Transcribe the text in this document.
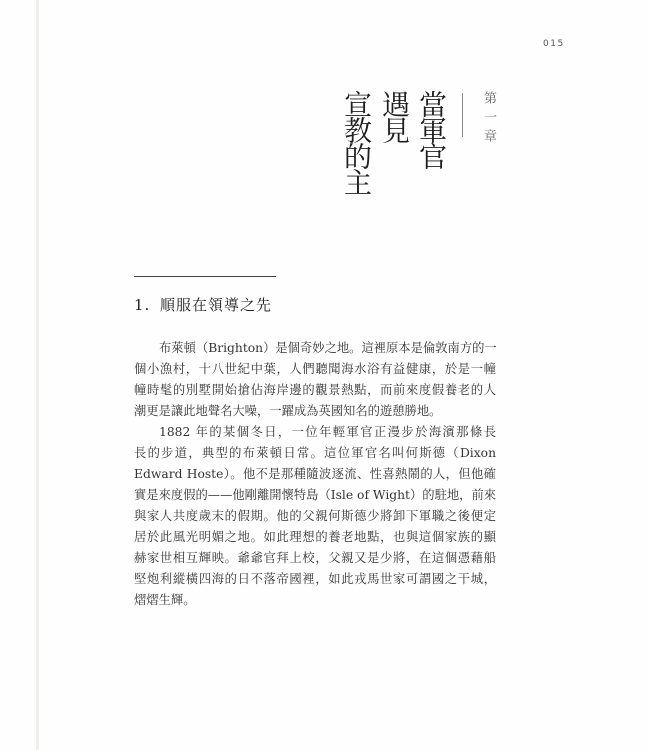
015
第一章
當軍官
遇見
宣教的主
1. 順服在領導之先
布萊頓（Brighton）是個奇妙之地。這裡原本是倫敦南方的一
個小漁村，十八世紀中葉，人們聽聞海水浴有益健康，於是一幢
幢時髦的別墅開始搶佔海岸邊的觀景熱點，而前來度假養老的人
潮更是讓此地聲名大噪，一躍成為英國知名的遊憩勝地。
1882 年的某個冬日，一位年輕軍官正漫步於海濱那條長
長的步道，典型的布萊頓日常。這位軍官名叫何斯德（Dixon
Edward Hoste）。他不是那種隨波逐流、性喜熱鬧的人，但他確
實是來度假的——他剛離開懷特島（Isle of Wight）的駐地，前來
與家人共度歲末的假期。他的父親何斯德少將卸下軍職之後便定
居於此風光明媚之地。如此理想的養老地點，也與這個家族的顯
赫家世相互輝映。爺爺官拜上校，父親又是少將，在這個憑藉船
堅炮利縱橫四海的日不落帝國裡，如此戎馬世家可謂國之干城，
熠熠生輝。
